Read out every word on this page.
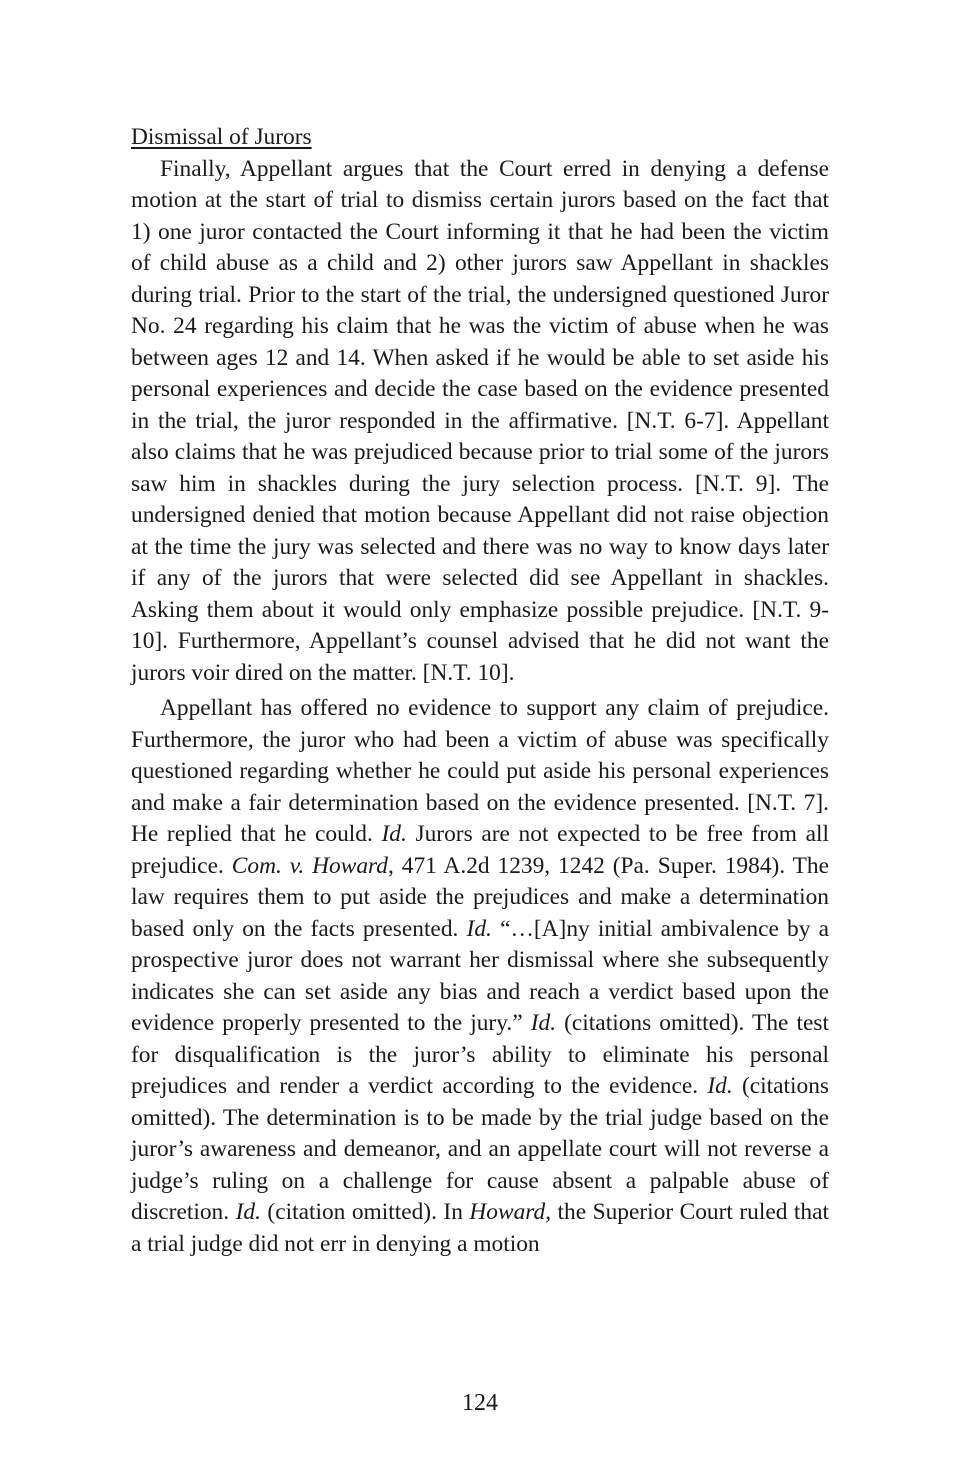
Dismissal of Jurors

Finally, Appellant argues that the Court erred in denying a defense motion at the start of trial to dismiss certain jurors based on the fact that 1) one juror contacted the Court informing it that he had been the victim of child abuse as a child and 2) other jurors saw Appellant in shackles during trial. Prior to the start of the trial, the undersigned questioned Juror No. 24 regarding his claim that he was the victim of abuse when he was between ages 12 and 14. When asked if he would be able to set aside his personal experiences and decide the case based on the evidence presented in the trial, the juror responded in the affirmative. [N.T. 6-7]. Appellant also claims that he was prejudiced because prior to trial some of the jurors saw him in shackles during the jury selection process. [N.T. 9]. The undersigned denied that motion because Appellant did not raise objection at the time the jury was selected and there was no way to know days later if any of the jurors that were selected did see Appellant in shackles. Asking them about it would only emphasize possible prejudice. [N.T. 9-10]. Furthermore, Appellant’s counsel advised that he did not want the jurors voir dired on the matter. [N.T. 10].

Appellant has offered no evidence to support any claim of prejudice. Furthermore, the juror who had been a victim of abuse was specifically questioned regarding whether he could put aside his personal experiences and make a fair determination based on the evidence presented. [N.T. 7]. He replied that he could. Id. Jurors are not expected to be free from all prejudice. Com. v. Howard, 471 A.2d 1239, 1242 (Pa. Super. 1984). The law requires them to put aside the prejudices and make a determination based only on the facts presented. Id. “…[A]ny initial ambivalence by a prospective juror does not warrant her dismissal where she subsequently indicates she can set aside any bias and reach a verdict based upon the evidence properly presented to the jury.” Id. (citations omitted). The test for disqualification is the juror’s ability to eliminate his personal prejudices and render a verdict according to the evidence. Id. (citations omitted). The determination is to be made by the trial judge based on the juror’s awareness and demeanor, and an appellate court will not reverse a judge’s ruling on a challenge for cause absent a palpable abuse of discretion. Id. (citation omitted). In Howard, the Superior Court ruled that a trial judge did not err in denying a motion

124
